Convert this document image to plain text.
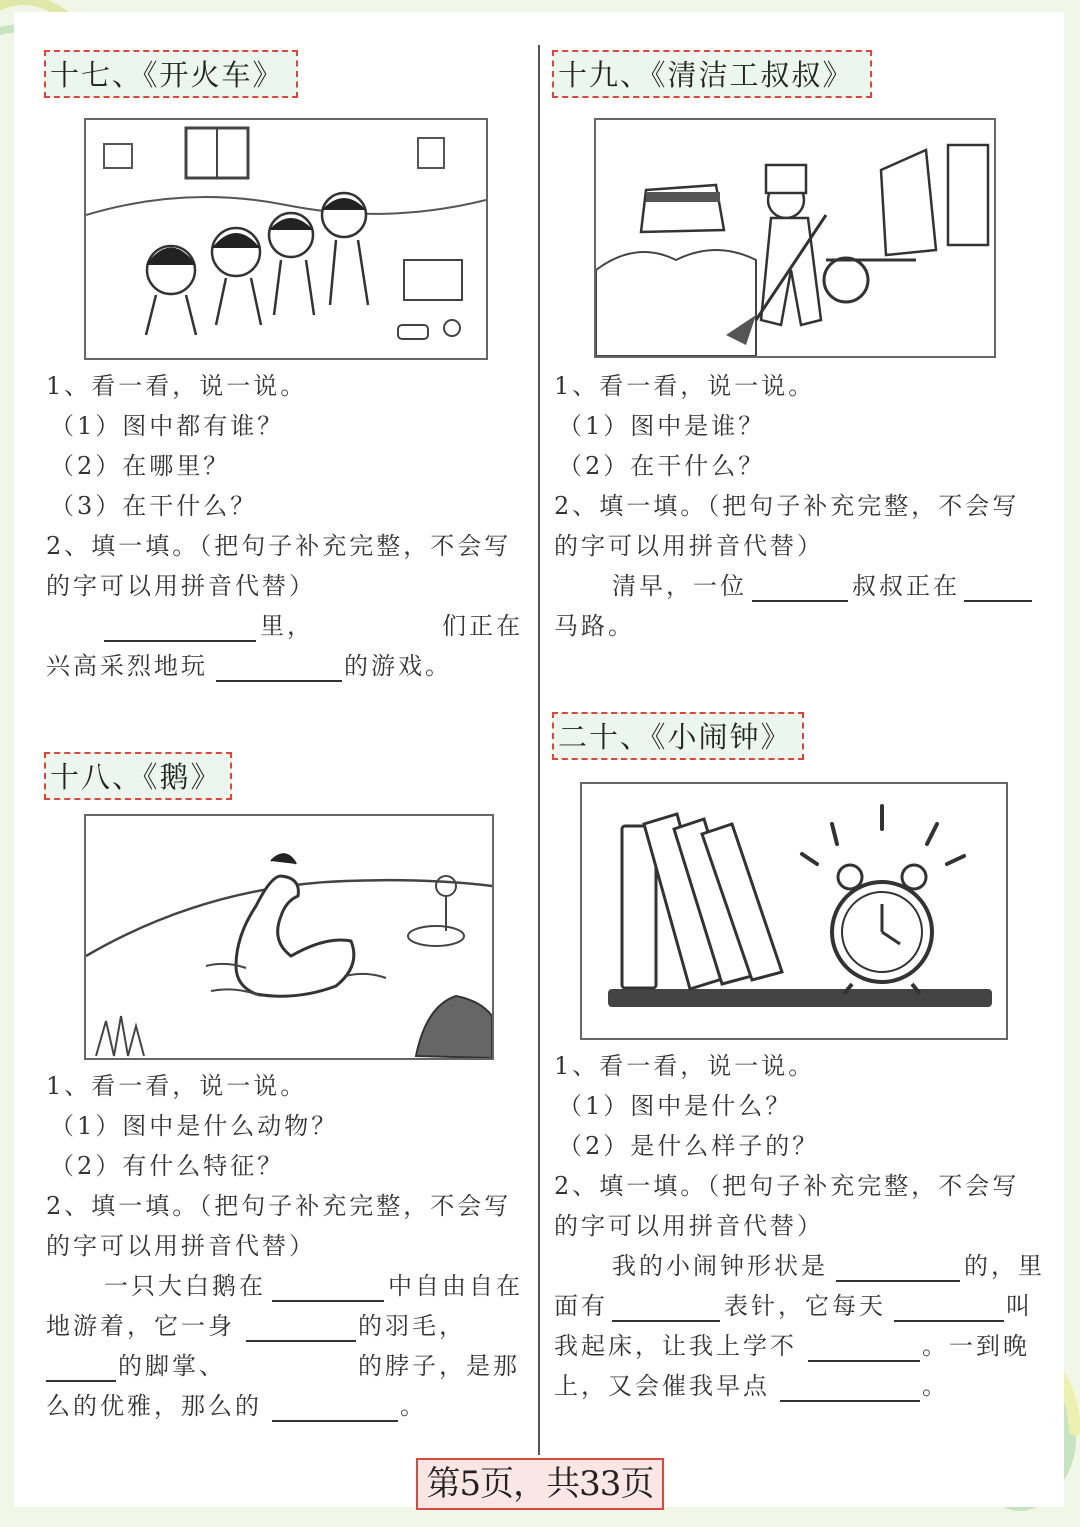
十七、《开火车》
1、看一看，说一说。
（1）图中都有谁？
（2）在哪里？
（3）在干什么？
2、填一填。（把句子补充完整，不会写
的字可以用拼音代替）
里，	们正在
兴高采烈地玩	的游戏。
十八、《鹅》
1、看一看，说一说。
（1）图中是什么动物？
（2）有什么特征？
2、填一填。（把句子补充完整，不会写
的字可以用拼音代替）
一只大白鹅在	中自由自在
地游着，它一身	的羽毛，
的脚掌、	的脖子，是那
么的优雅，那么的	。
十九、《清洁工叔叔》
1、看一看，说一说。
（1）图中是谁？
（2）在干什么？
2、填一填。（把句子补充完整，不会写
的字可以用拼音代替）
清早，一位	叔叔正在
马路。
二十、《小闹钟》
1、看一看，说一说。
（1）图中是什么？
（2）是什么样子的？
2、填一填。（把句子补充完整，不会写
的字可以用拼音代替）
我的小闹钟形状是	的，里
面有	表针，它每天	叫
我起床，让我上学不	。一到晚
上，又会催我早点	。
第5页，共33页
